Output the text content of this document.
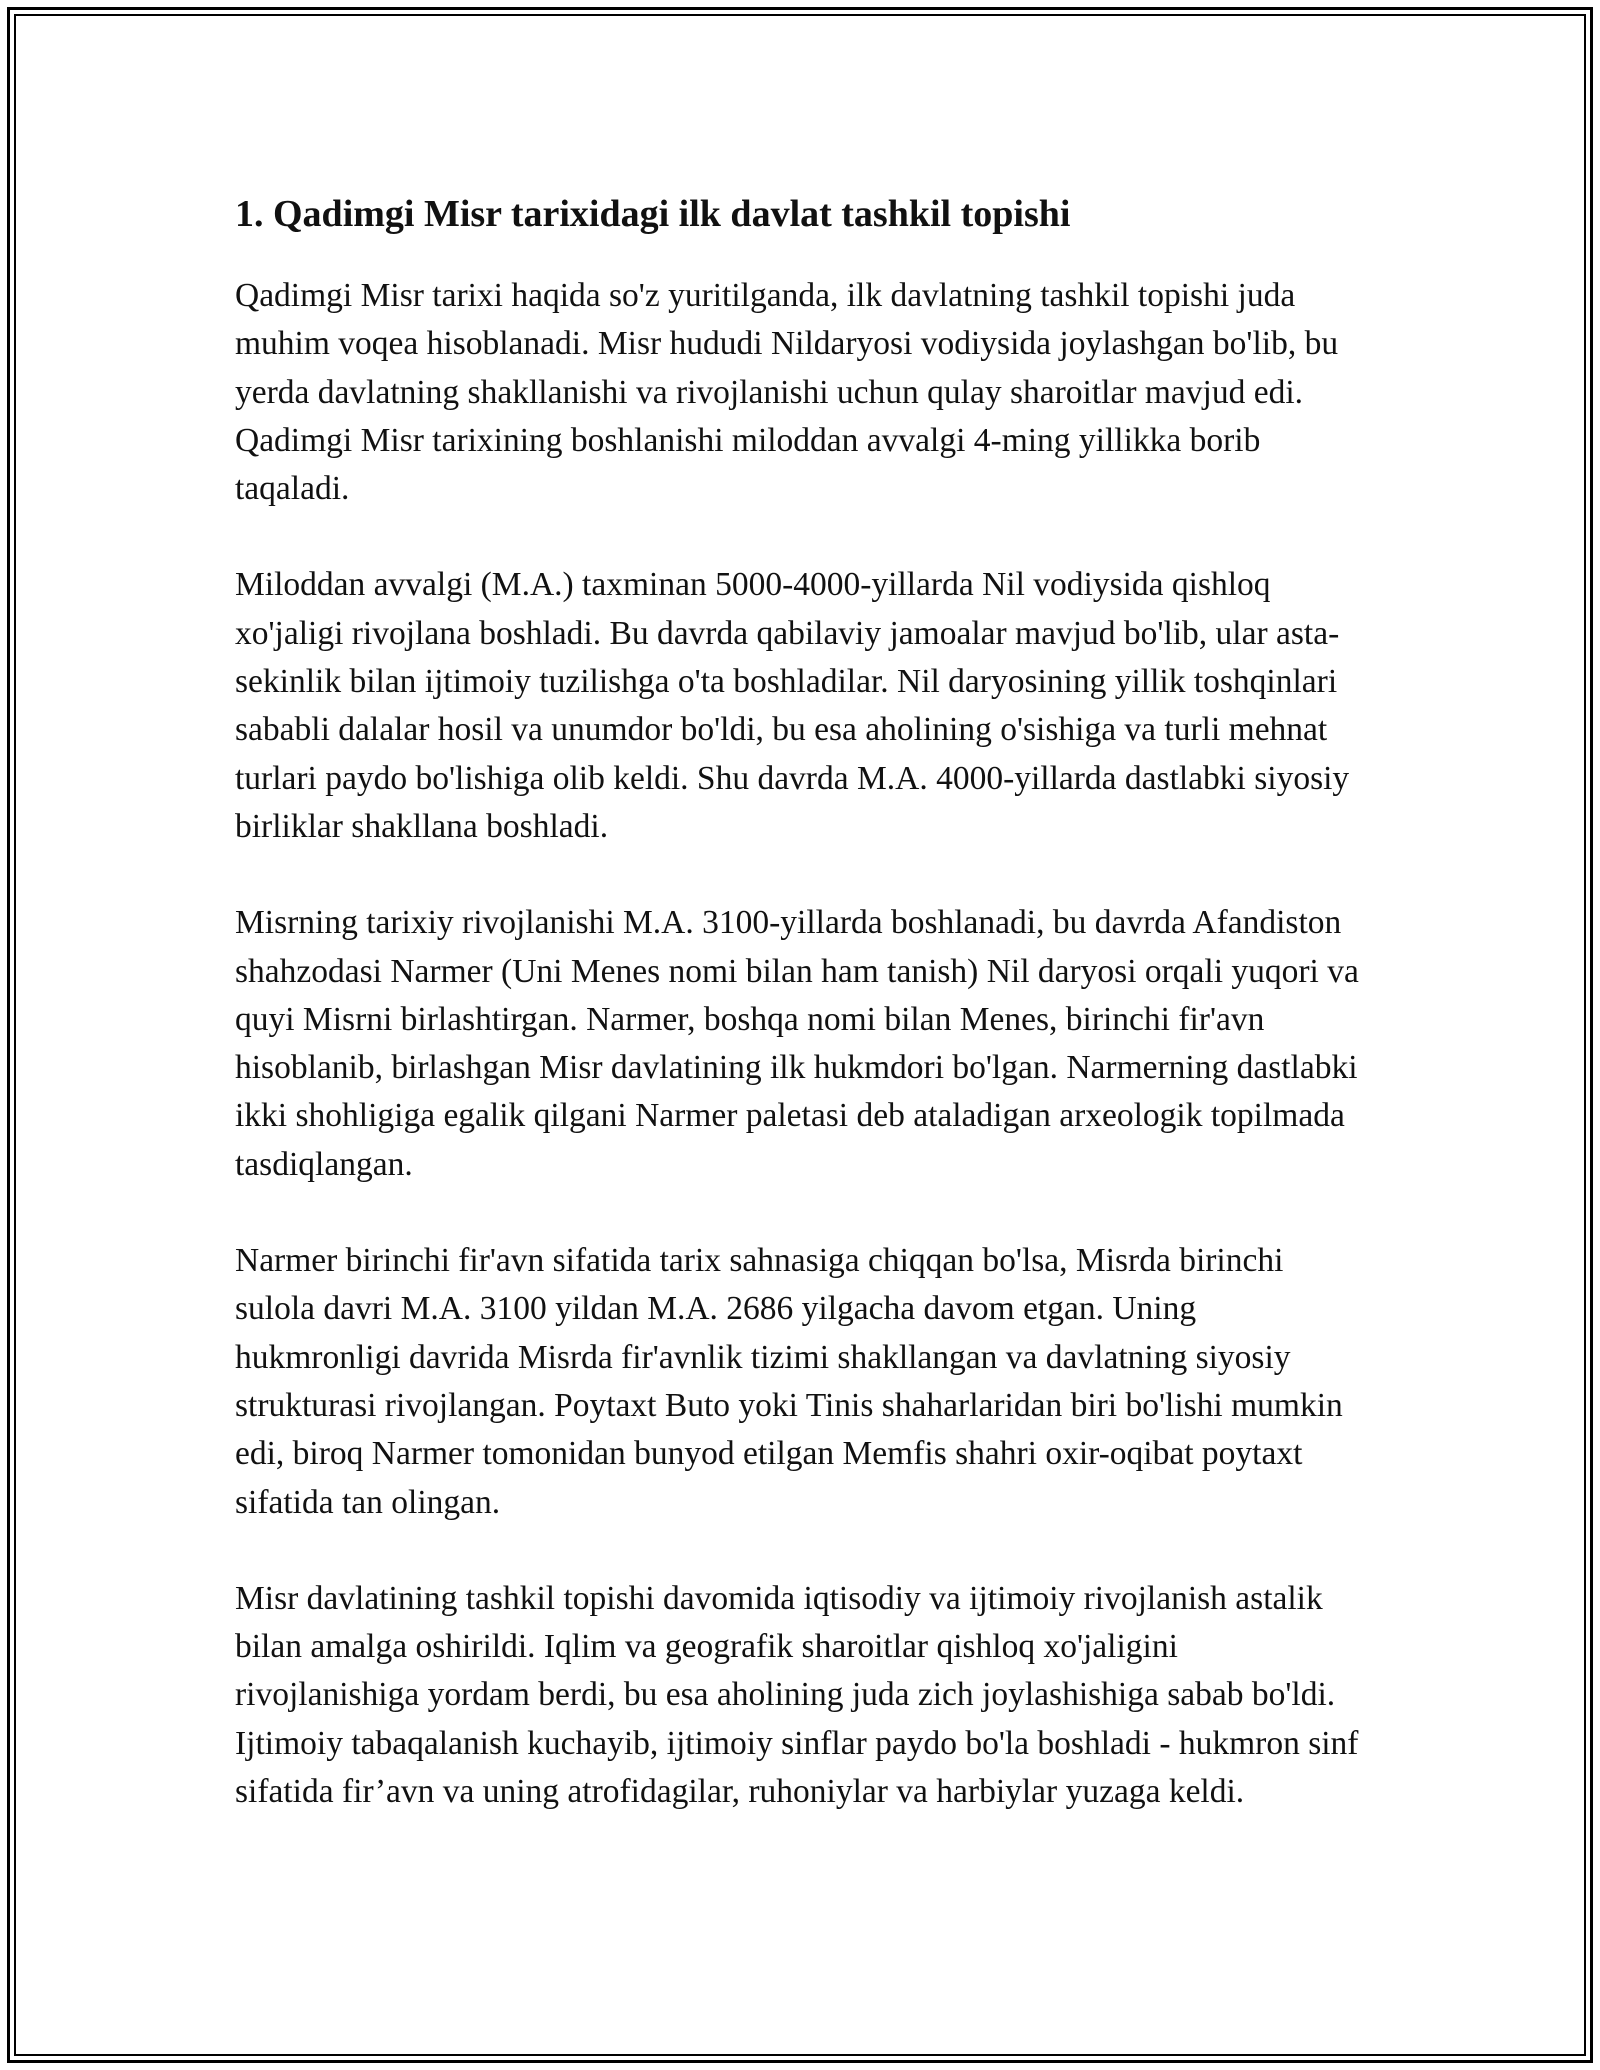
1. Qadimgi Misr tarixidagi ilk davlat tashkil topishi

Qadimgi Misr tarixi haqida so'z yuritilganda, ilk davlatning tashkil topishi juda muhim voqea hisoblanadi. Misr hududi Nildaryosi vodiysida joylashgan bo'lib, bu yerda davlatning shakllanishi va rivojlanishi uchun qulay sharoitlar mavjud edi. Qadimgi Misr tarixining boshlanishi miloddan avvalgi 4-ming yillikka borib taqaladi.

Miloddan avvalgi (M.A.) taxminan 5000-4000-yillarda Nil vodiysida qishloq xo'jaligi rivojlana boshladi. Bu davrda qabilaviy jamoalar mavjud bo'lib, ular asta-sekinlik bilan ijtimoiy tuzilishga o'ta boshladilar. Nil daryosining yillik toshqinlari sababli dalalar hosil va unumdor bo'ldi, bu esa aholining o'sishiga va turli mehnat turlari paydo bo'lishiga olib keldi. Shu davrda M.A. 4000-yillarda dastlabki siyosiy birliklar shakllana boshladi.

Misrning tarixiy rivojlanishi M.A. 3100-yillarda boshlanadi, bu davrda Afandiston shahzodasi Narmer (Uni Menes nomi bilan ham tanish) Nil daryosi orqali yuqori va quyi Misrni birlashtirgan. Narmer, boshqa nomi bilan Menes, birinchi fir'avn hisoblanib, birlashgan Misr davlatining ilk hukmdori bo'lgan. Narmerning dastlabki ikki shohligiga egalik qilgani Narmer paletasi deb ataladigan arxeologik topilmada tasdiqlangan.

Narmer birinchi fir'avn sifatida tarix sahnasiga chiqqan bo'lsa, Misrda birinchi sulola davri M.A. 3100 yildan M.A. 2686 yilgacha davom etgan. Uning hukmronligi davrida Misrda fir'avnlik tizimi shakllangan va davlatning siyosiy strukturasi rivojlangan. Poytaxt Buto yoki Tinis shaharlaridan biri bo'lishi mumkin edi, biroq Narmer tomonidan bunyod etilgan Memfis shahri oxir-oqibat poytaxt sifatida tan olingan.

Misr davlatining tashkil topishi davomida iqtisodiy va ijtimoiy rivojlanish astalik bilan amalga oshirildi. Iqlim va geografik sharoitlar qishloq xo'jaligini rivojlanishiga yordam berdi, bu esa aholining juda zich joylashishiga sabab bo'ldi. Ijtimoiy tabaqalanish kuchayib, ijtimoiy sinflar paydo bo'la boshladi - hukmron sinf sifatida fir’avn va uning atrofidagilar, ruhoniylar va harbiylar yuzaga keldi.
